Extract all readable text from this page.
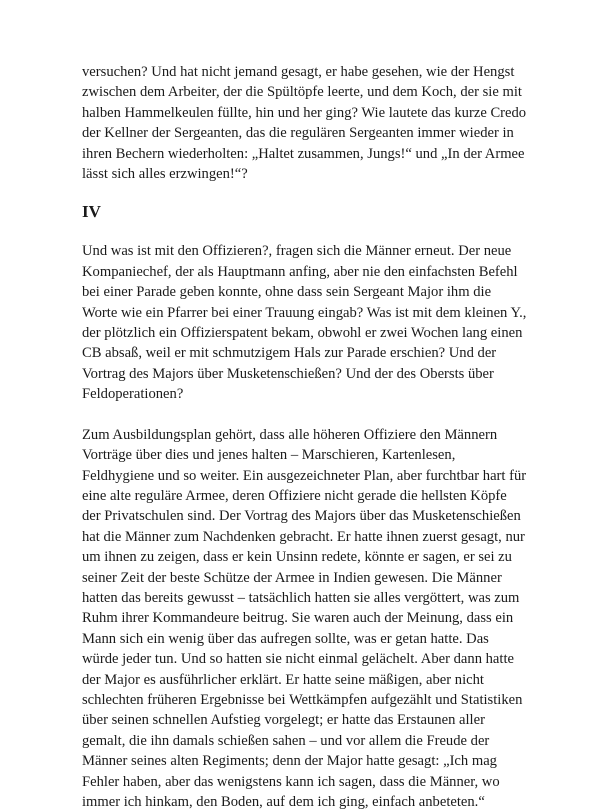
versuchen? Und hat nicht jemand gesagt, er habe gesehen, wie der Hengst
zwischen dem Arbeiter, der die Spültöpfe leerte, und dem Koch, der sie mit
halben Hammelkeulen füllte, hin und her ging? Wie lautete das kurze Credo
der Kellner der Sergeanten, das die regulären Sergeanten immer wieder in
ihren Bechern wiederholten: „Haltet zusammen, Jungs!“ und „In der Armee
lässt sich alles erzwingen!“?
IV
Und was ist mit den Offizieren?, fragen sich die Männer erneut. Der neue
Kompaniechef, der als Hauptmann anfing, aber nie den einfachsten Befehl
bei einer Parade geben konnte, ohne dass sein Sergeant Major ihm die
Worte wie ein Pfarrer bei einer Trauung eingab? Was ist mit dem kleinen Y.,
der plötzlich ein Offizierspatent bekam, obwohl er zwei Wochen lang einen
CB absaß, weil er mit schmutzigem Hals zur Parade erschien? Und der
Vortrag des Majors über Musketenschießen? Und der des Obersts über
Feldoperationen?
Zum Ausbildungsplan gehört, dass alle höheren Offiziere den Männern
Vorträge über dies und jenes halten – Marschieren, Kartenlesen,
Feldhygiene und so weiter. Ein ausgezeichneter Plan, aber furchtbar hart für
eine alte reguläre Armee, deren Offiziere nicht gerade die hellsten Köpfe
der Privatschulen sind. Der Vortrag des Majors über das Musketenschießen
hat die Männer zum Nachdenken gebracht. Er hatte ihnen zuerst gesagt, nur
um ihnen zu zeigen, dass er kein Unsinn redete, könnte er sagen, er sei zu
seiner Zeit der beste Schütze der Armee in Indien gewesen. Die Männer
hatten das bereits gewusst – tatsächlich hatten sie alles vergöttert, was zum
Ruhm ihrer Kommandeure beitrug. Sie waren auch der Meinung, dass ein
Mann sich ein wenig über das aufregen sollte, was er getan hatte. Das
würde jeder tun. Und so hatten sie nicht einmal gelächelt. Aber dann hatte
der Major es ausführlicher erklärt. Er hatte seine mäßigen, aber nicht
schlechten früheren Ergebnisse bei Wettkämpfen aufgezählt und Statistiken
über seinen schnellen Aufstieg vorgelegt; er hatte das Erstaunen aller
gemalt, die ihn damals schießen sahen – und vor allem die Freude der
Männer seines alten Regiments; denn der Major hatte gesagt: „Ich mag
Fehler haben, aber das wenigstens kann ich sagen, dass die Männer, wo
immer ich hinkam, den Boden, auf dem ich ging, einfach anbeteten.“
